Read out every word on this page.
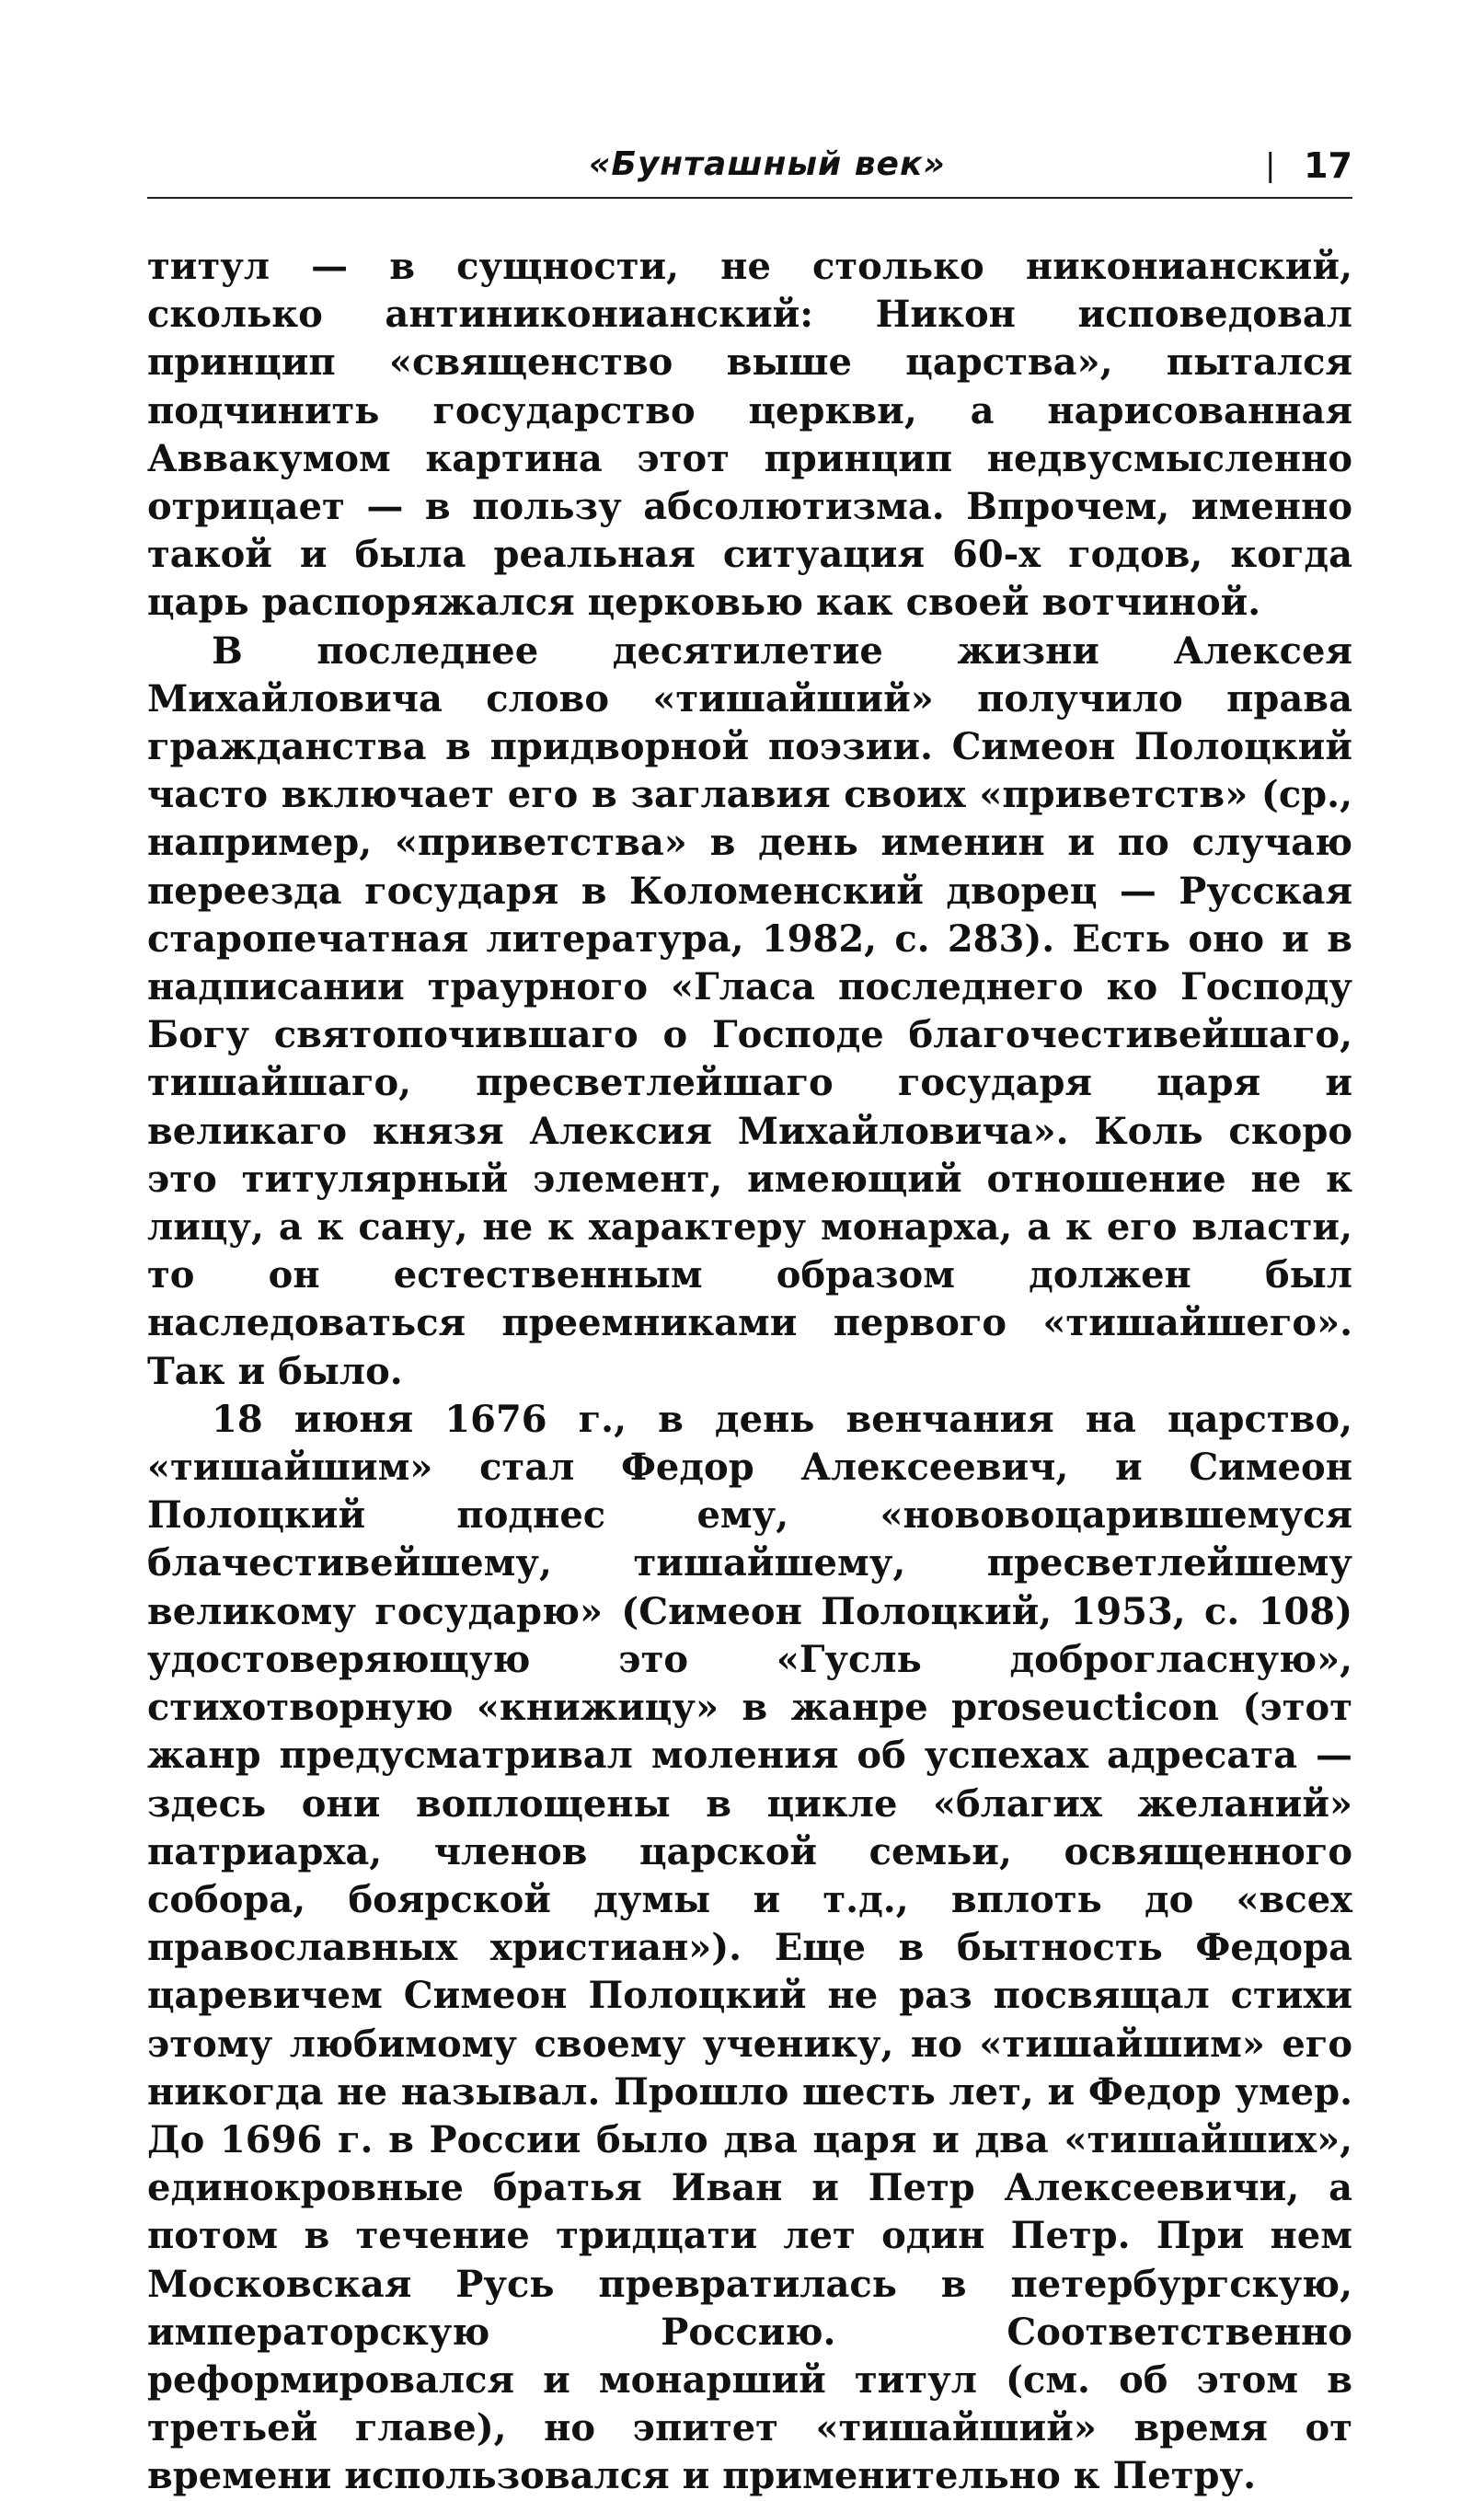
«Бунташный век»	| 17

титул — в сущности, не столько никонианский, сколько антиниконианский: Никон исповедовал принцип «священство выше царства», пытался подчинить государство церкви, а нарисованная Аввакумом картина этот принцип недвусмысленно отрицает — в пользу абсолютизма. Впрочем, именно такой и была реальная ситуация 60-х годов, когда царь распоряжался церковью как своей вотчиной.

В последнее десятилетие жизни Алексея Михайловича слово «тишайший» получило права гражданства в придворной поэзии. Симеон Полоцкий часто включает его в заглавия своих «приветств» (ср., например, «приветства» в день именин и по случаю переезда государя в Коломенский дворец — Русская старопечатная литература, 1982, с. 283). Есть оно и в надписании траурного «Гласа последнего ко Господу Богу святопочившаго о Господе благочестивейшаго, тишайшаго, пресветлейшаго государя царя и великаго князя Алексия Михайловича». Коль скоро это титулярный элемент, имеющий отношение не к лицу, а к сану, не к характеру монарха, а к его власти, то он естественным образом должен был наследоваться преемниками первого «тишайшего». Так и было.

18 июня 1676 г., в день венчания на царство, «тишайшим» стал Федор Алексеевич, и Симеон Полоцкий поднес ему, «нововоцарившемуся блачестивейшему, тишайшему, пресветлейшему великому государю» (Симеон Полоцкий, 1953, с. 108) удостоверяющую это «Гусль доброгласную», стихотворную «книжицу» в жанре proseucticon (этот жанр предусматривал моления об успехах адресата — здесь они воплощены в цикле «благих желаний» патриарха, членов царской семьи, освященного собора, боярской думы и т.д., вплоть до «всех православных христиан»). Еще в бытность Федора царевичем Симеон Полоцкий не раз посвящал стихи этому любимому своему ученику, но «тишайшим» его никогда не называл. Прошло шесть лет, и Федор умер. До 1696 г. в России было два царя и два «тишайших», единокровные братья Иван и Петр Алексеевичи, а потом в течение тридцати лет один Петр. При нем Московская Русь превратилась в петербургскую, императорскую Россию. Соответственно реформировался и монарший титул (см. об этом в третьей главе), но эпитет «тишайший» время от времени использовался и применительно к Петру.
